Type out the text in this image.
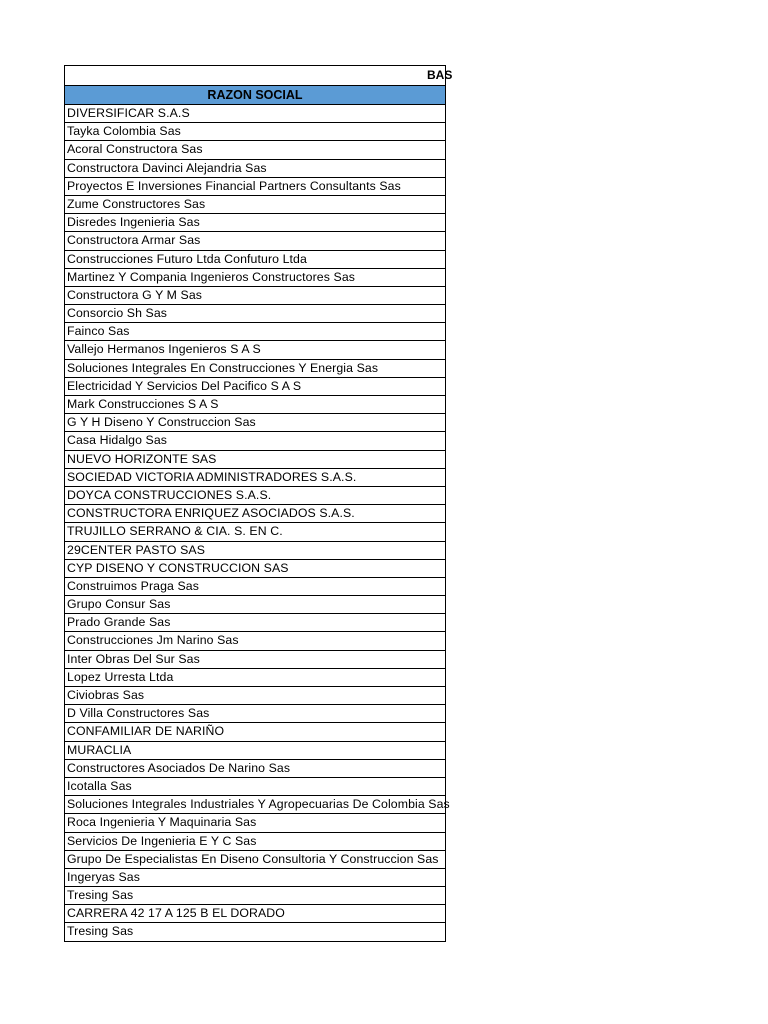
BAS
RAZON SOCIAL
DIVERSIFICAR S.A.S
Tayka Colombia Sas
Acoral Constructora Sas
Constructora Davinci Alejandria Sas
Proyectos E Inversiones Financial Partners Consultants Sas
Zume Constructores Sas
Disredes Ingenieria Sas
Constructora Armar Sas
Construcciones Futuro Ltda Confuturo Ltda
Martinez Y Compania Ingenieros Constructores Sas
Constructora G Y M Sas
Consorcio Sh Sas
Fainco Sas
Vallejo Hermanos Ingenieros S A S
Soluciones Integrales En Construcciones Y Energia Sas
Electricidad Y Servicios Del Pacifico S A S
Mark Construcciones S A S
G Y H Diseno Y Construccion Sas
Casa Hidalgo Sas
NUEVO HORIZONTE SAS
SOCIEDAD VICTORIA ADMINISTRADORES S.A.S.
DOYCA CONSTRUCCIONES S.A.S.
CONSTRUCTORA ENRIQUEZ ASOCIADOS S.A.S.
TRUJILLO SERRANO & CIA. S. EN C.
29CENTER PASTO SAS
CYP DISENO Y CONSTRUCCION SAS
Construimos Praga Sas
Grupo Consur Sas
Prado Grande Sas
Construcciones Jm Narino Sas
Inter Obras Del Sur Sas
Lopez Urresta Ltda
Civiobras Sas
D Villa Constructores Sas
CONFAMILIAR DE NARIÑO
MURACLIA
Constructores Asociados De Narino Sas
Icotalla Sas
Soluciones Integrales Industriales Y Agropecuarias De Colombia Sas
Roca Ingenieria Y Maquinaria Sas
Servicios De Ingenieria E Y C Sas
Grupo De Especialistas En Diseno Consultoria Y Construccion Sas
Ingeryas Sas
Tresing Sas
CARRERA 42 17 A 125 B EL DORADO
Tresing Sas
